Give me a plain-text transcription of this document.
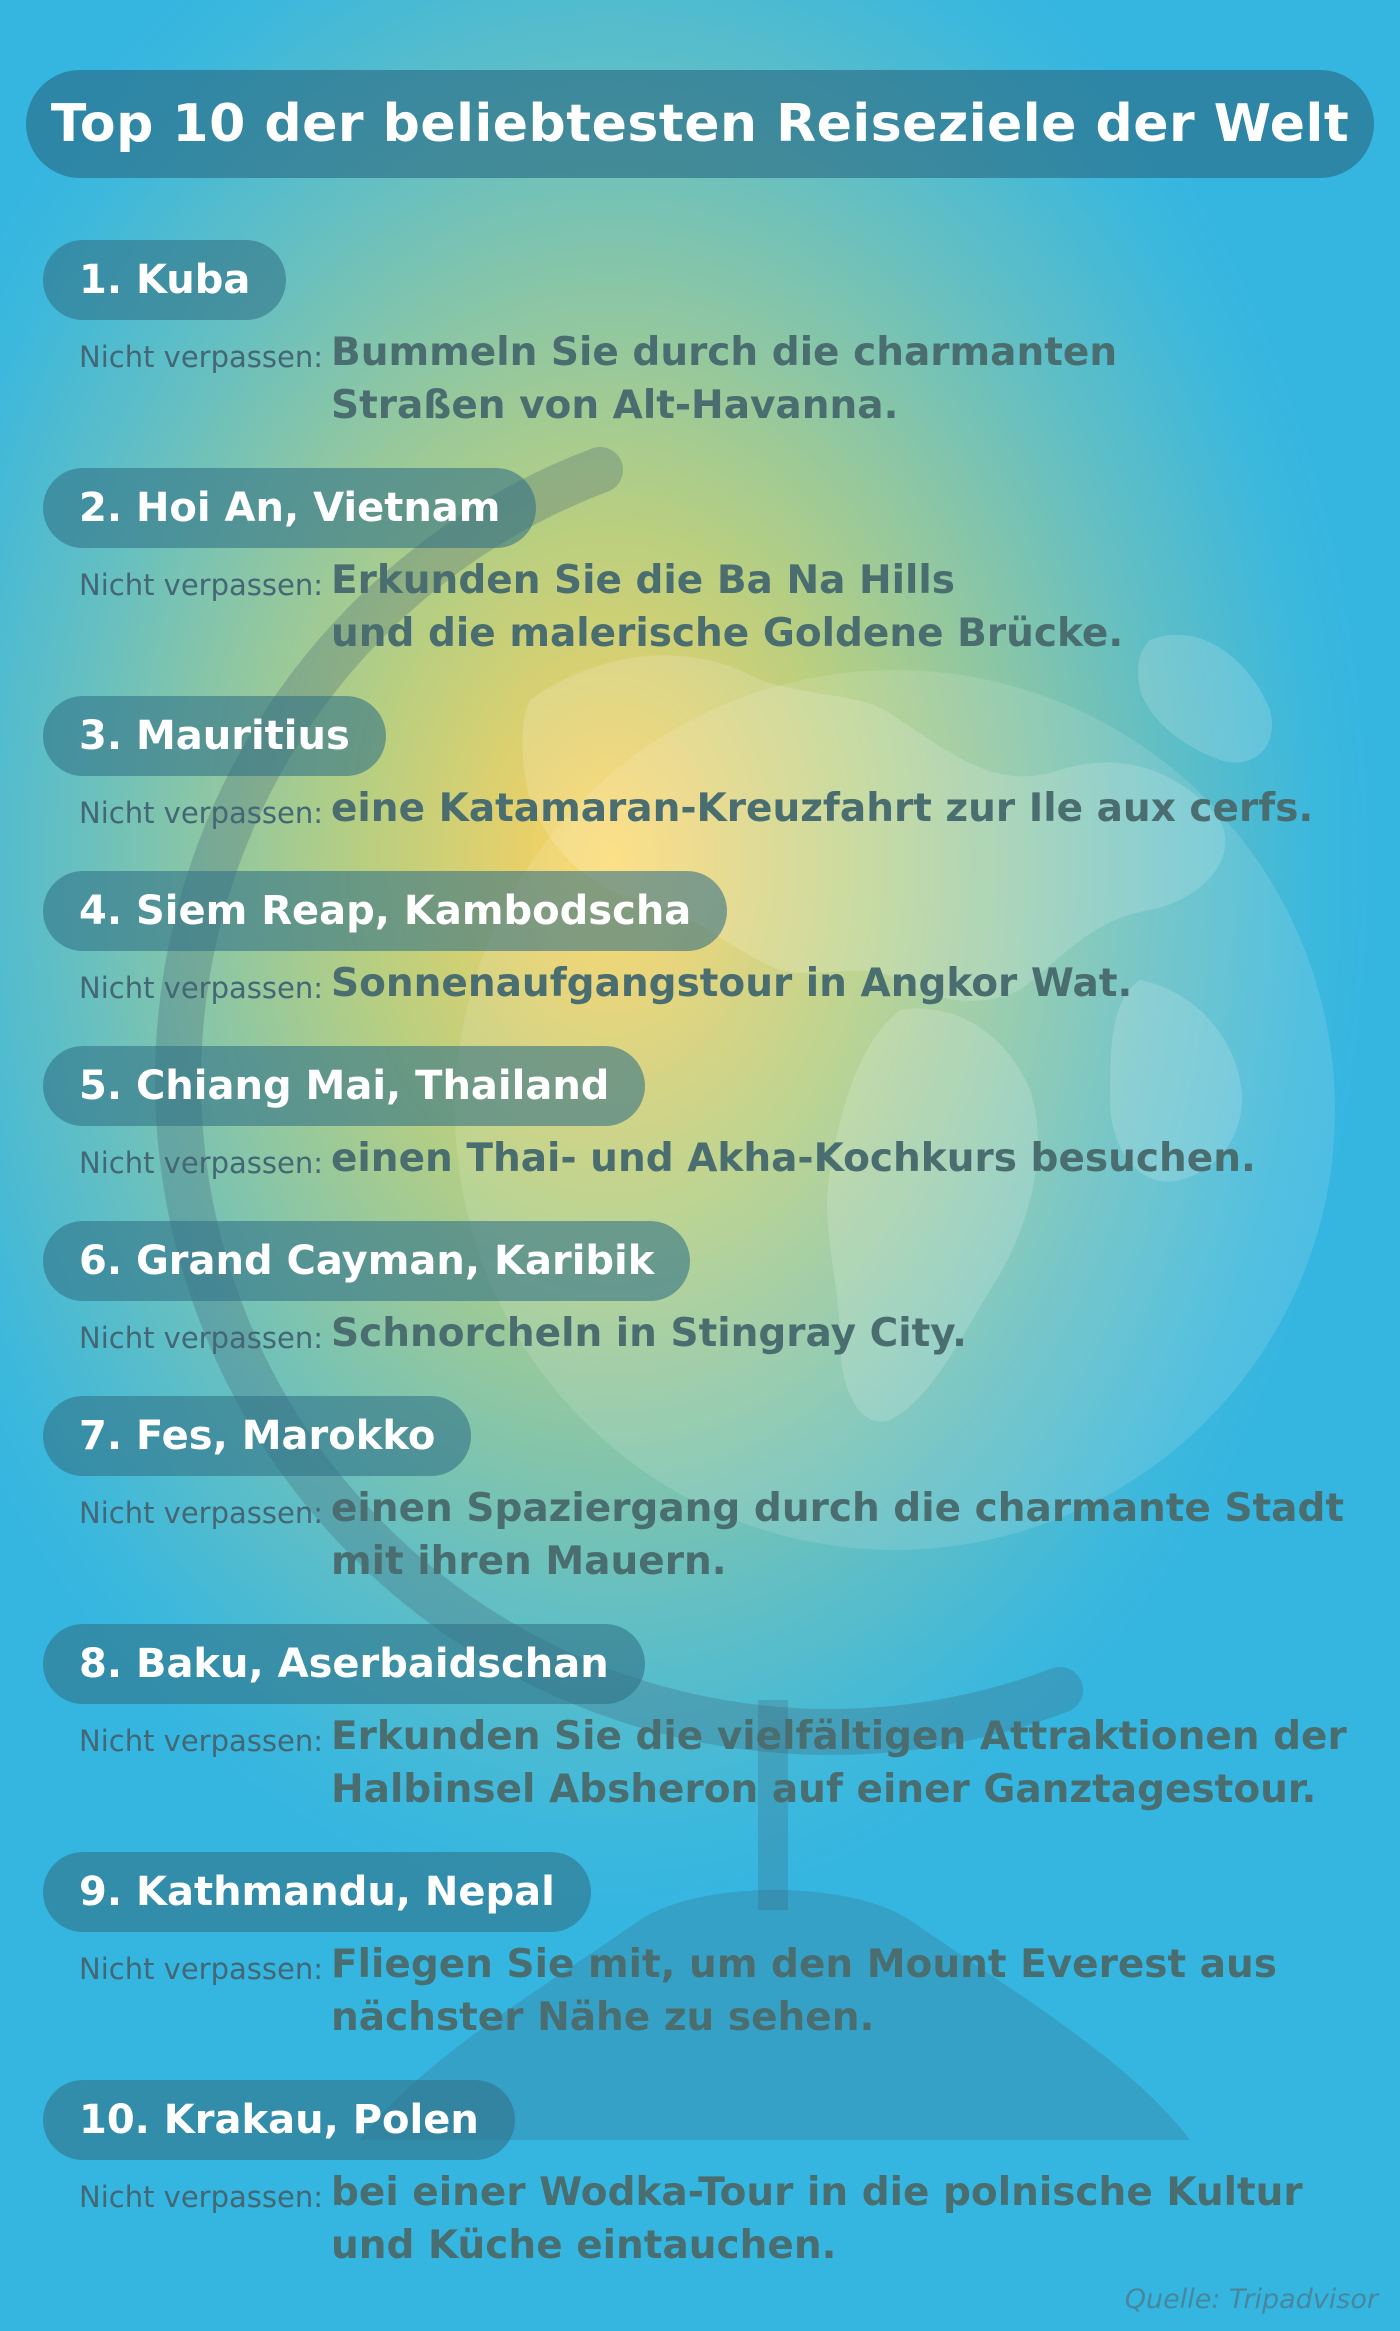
Top 10 der beliebtesten Reiseziele der Welt
1. Kuba
Nicht verpassen: Bummeln Sie durch die charmanten
Straßen von Alt-Havanna.
2. Hoi An, Vietnam
Nicht verpassen: Erkunden Sie die Ba Na Hills
und die malerische Goldene Brücke.
3. Mauritius
Nicht verpassen: eine Katamaran-Kreuzfahrt zur Ile aux cerfs.
4. Siem Reap, Kambodscha
Nicht verpassen: Sonnenaufgangstour in Angkor Wat.
5. Chiang Mai, Thailand
Nicht verpassen: einen Thai- und Akha-Kochkurs besuchen.
6. Grand Cayman, Karibik
Nicht verpassen: Schnorcheln in Stingray City.
7. Fes, Marokko
Nicht verpassen: einen Spaziergang durch die charmante Stadt
mit ihren Mauern.
8. Baku, Aserbaidschan
Nicht verpassen: Erkunden Sie die vielfältigen Attraktionen der
Halbinsel Absheron auf einer Ganztagestour.
9. Kathmandu, Nepal
Nicht verpassen: Fliegen Sie mit, um den Mount Everest aus
nächster Nähe zu sehen.
10. Krakau, Polen
Nicht verpassen: bei einer Wodka-Tour in die polnische Kultur
und Küche eintauchen.
Quelle: Tripadvisor
